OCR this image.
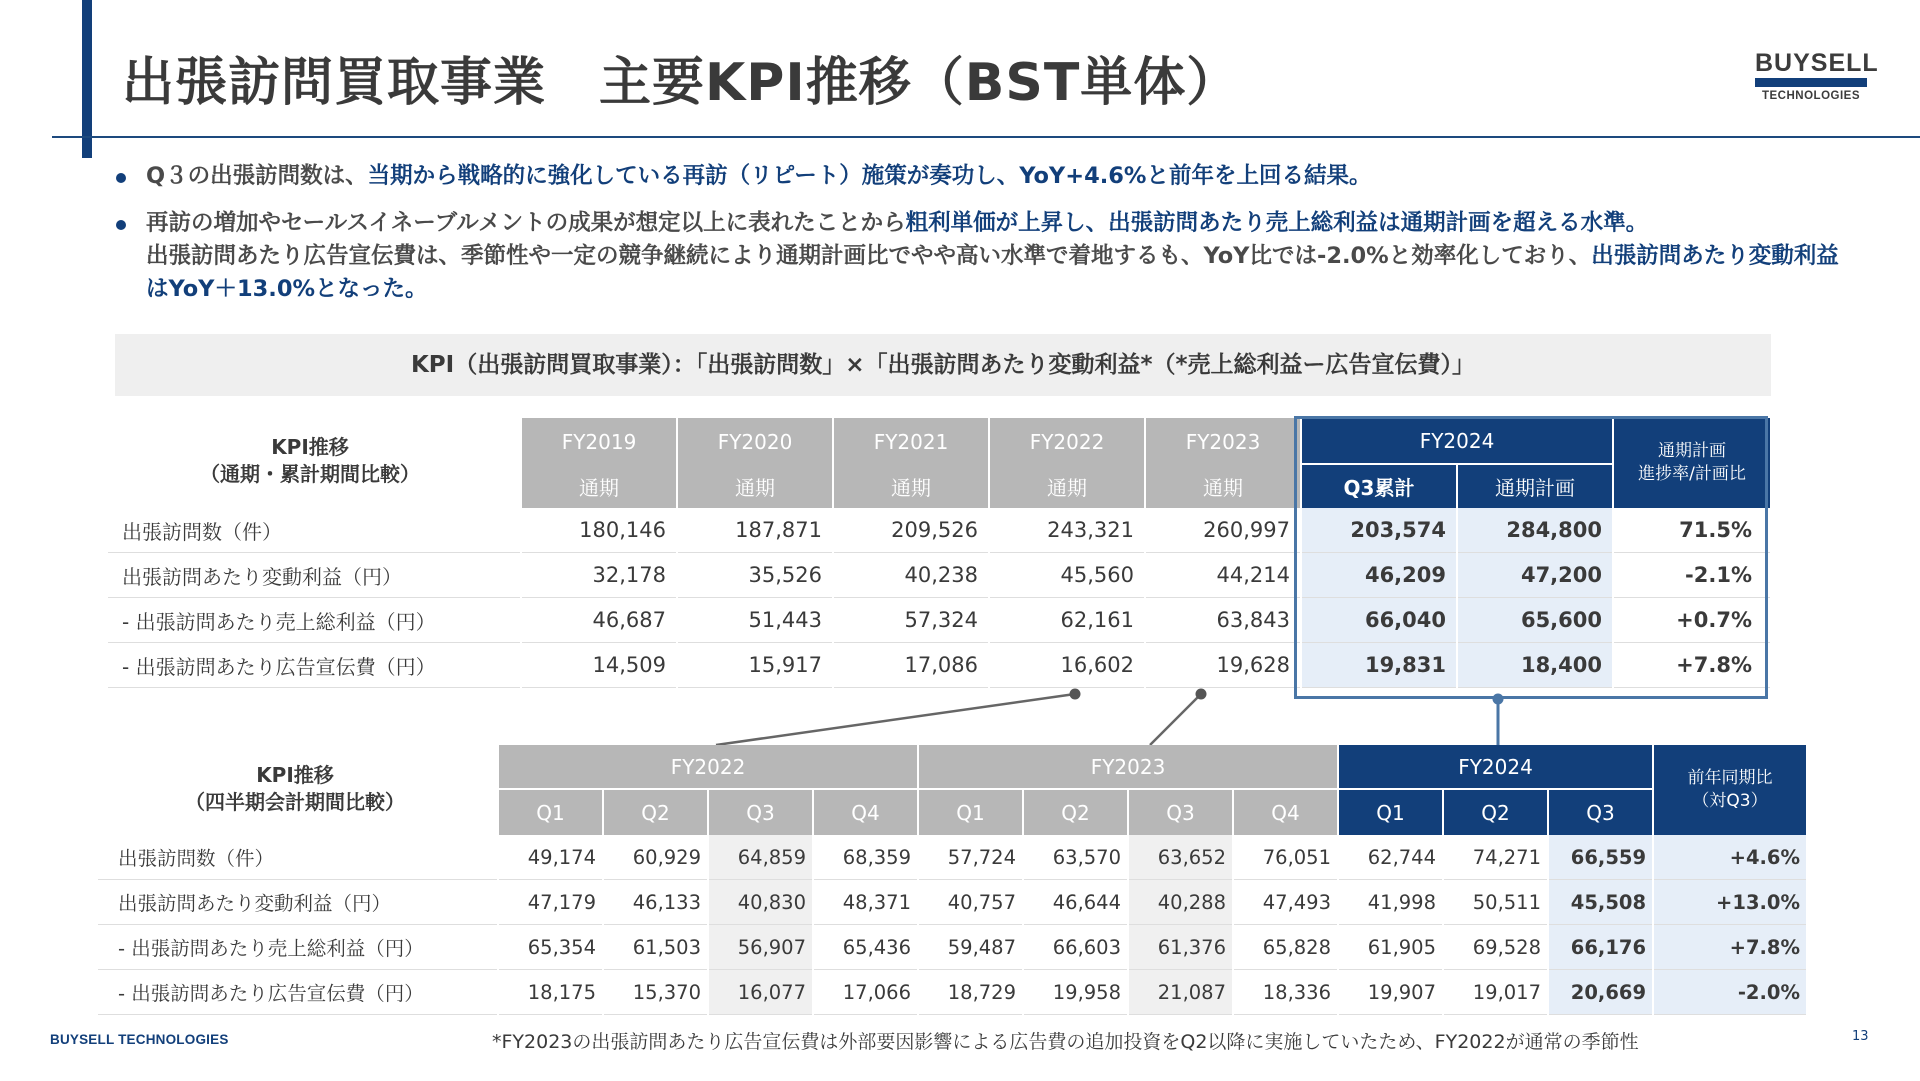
出張訪問買取事業　主要KPI推移（BST単体）	BUYSELL
TECHNOLOGIES
Q３の出張訪問数は、当期から戦略的に強化している再訪（リピート）施策が奏功し、YoY+4.6%と前年を上回る結果。
再訪の増加やセールスイネーブルメントの成果が想定以上に表れたことから粗利単価が上昇し、出張訪問あたり売上総利益は通期計画を超える水準。
出張訪問あたり広告宣伝費は、季節性や一定の競争継続により通期計画比でやや高い水準で着地するも、YoY比では-2.0%と効率化しており、出張訪問あたり変動利益はYoY＋13.0%となった。
KPI（出張訪問買取事業）：「出張訪問数」×「出張訪問あたり変動利益*（*売上総利益ー広告宣伝費）」
KPI推移
（通期・累計期間比較）
	FY2019	FY2020	FY2021	FY2022	FY2023	FY2024		通期計画
進捗率/計画比

	通期	通期	通期	通期	通期	Q3累計	通期計画	
出張訪問数（件）	180,146	187,871	209,526	243,321	260,997	203,574	284,800	71.5%
出張訪問あたり変動利益（円）	32,178	35,526	40,238	45,560	44,214	46,209	47,200	-2.1%
- 出張訪問あたり売上総利益（円）	46,687	51,443	57,324	62,161	63,843	66,040	65,600	+0.7%
- 出張訪問あたり広告宣伝費（円）	14,509	15,917	17,086	16,602	19,628	19,831	18,400	+7.8%
KPI推移
（四半期会計期間比較）
	FY2022				FY2023				FY2024			前年同期比
（対Q3）

	Q1	Q2	Q3	Q4	Q1	Q2	Q3	Q4	Q1	Q2	Q3	
出張訪問数（件）	49,174	60,929	64,859	68,359	57,724	63,570	63,652	76,051	62,744	74,271	66,559	+4.6%
出張訪問あたり変動利益（円）	47,179	46,133	40,830	48,371	40,757	46,644	40,288	47,493	41,998	50,511	45,508	+13.0%
- 出張訪問あたり売上総利益（円）	65,354	61,503	56,907	65,436	59,487	66,603	61,376	65,828	61,905	69,528	66,176	+7.8%
- 出張訪問あたり広告宣伝費（円）	18,175	15,370	16,077	17,066	18,729	19,958	21,087	18,336	19,907	19,017	20,669	-2.0%
BUYSELL TECHNOLOGIES	*FY2023の出張訪問あたり広告宣伝費は外部要因影響による広告費の追加投資をQ2以降に実施していたため、FY2022が通常の季節性	13
